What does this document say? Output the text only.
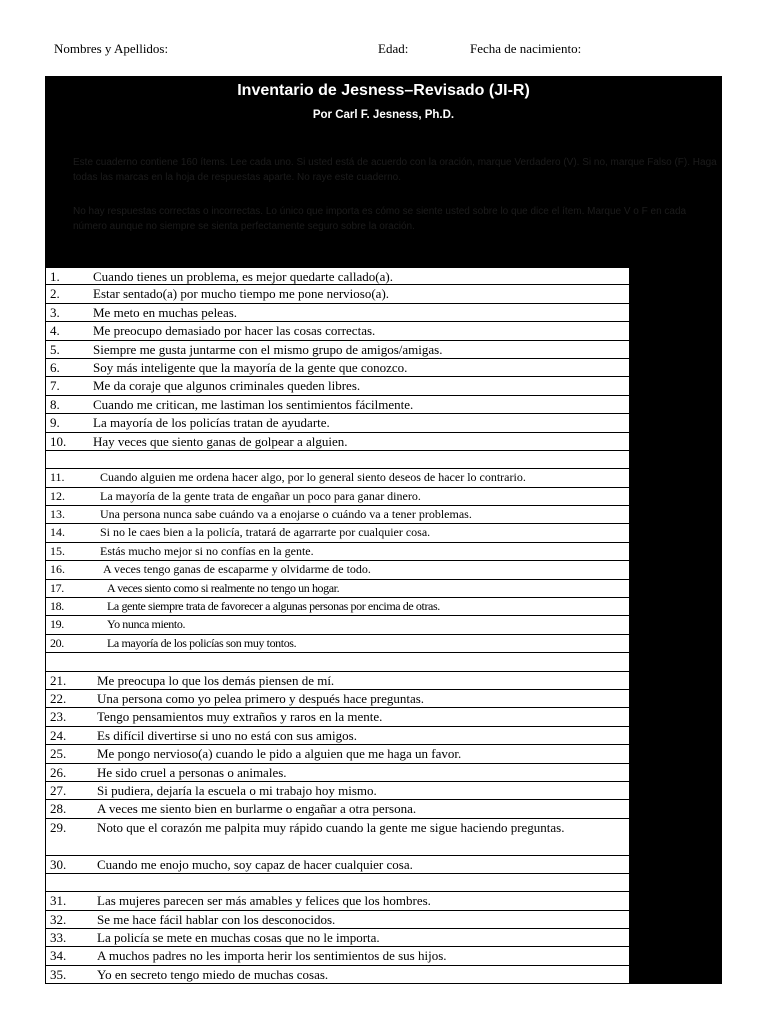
Nombres y Apellidos:	Edad:	Fecha de nacimiento:
Inventario de Jesness–Revisado (JI-R)
Por Carl F. Jesness, Ph.D.

Este cuaderno contiene 160 ítems. Lee cada uno. Si usted está de acuerdo con la oración, marque Verdadero (V). Si no, marque Falso (F). Haga todas las marcas en la hoja de respuestas aparte. No raye este cuaderno.

No hay respuestas correctas o incorrectas. Lo único que importa es cómo se siente usted sobre lo que dice el ítem. Marque V o F en cada número aunque no siempre se sienta perfectamente seguro sobre la oración.

1.	Cuando tienes un problema, es mejor quedarte callado(a).
2.	Estar sentado(a) por mucho tiempo me pone nervioso(a).
3.	Me meto en muchas peleas.
4.	Me preocupo demasiado por hacer las cosas correctas.
5.	Siempre me gusta juntarme con el mismo grupo de amigos/amigas.
6.	Soy más inteligente que la mayoría de la gente que conozco.
7.	Me da coraje que algunos criminales queden libres.
8.	Cuando me critican, me lastiman los sentimientos fácilmente.
9.	La mayoría de los policías tratan de ayudarte.
10. Hay veces que siento ganas de golpear a alguien.
11.	Cuando alguien me ordena hacer algo, por lo general siento deseos de hacer lo contrario.
12.	La mayoría de la gente trata de engañar un poco para ganar dinero.
13.	Una persona nunca sabe cuándo va a enojarse o cuándo va a tener problemas.
14.	Si no le caes bien a la policía, tratará de agarrarte por cualquier cosa.
15.	Estás mucho mejor si no confías en la gente.
16.	A veces tengo ganas de escaparme y olvidarme de todo.
17.	A veces siento como si realmente no tengo un hogar.
18.	La gente siempre trata de favorecer a algunas personas por encima de otras.
19.	Yo nunca miento.
20.	La mayoría de los policías son muy tontos.
21. Me preocupa lo que los demás piensen de mí.
22. Una persona como yo pelea primero y después hace preguntas.
23. Tengo pensamientos muy extraños y raros en la mente.
24. Es difícil divertirse si uno no está con sus amigos.
25. Me pongo nervioso(a) cuando le pido a alguien que me haga un favor.
26. He sido cruel a personas o animales.
27. Si pudiera, dejaría la escuela o mi trabajo hoy mismo.
28. A veces me siento bien en burlarme o engañar a otra persona.
29. Noto que el corazón me palpita muy rápido cuando la gente me sigue haciendo preguntas.
30. Cuando me enojo mucho, soy capaz de hacer cualquier cosa.
31. Las mujeres parecen ser más amables y felices que los hombres.
32. Se me hace fácil hablar con los desconocidos.
33. La policía se mete en muchas cosas que no le importa.
34. A muchos padres no les importa herir los sentimientos de sus hijos.
35. Yo en secreto tengo miedo de muchas cosas.
